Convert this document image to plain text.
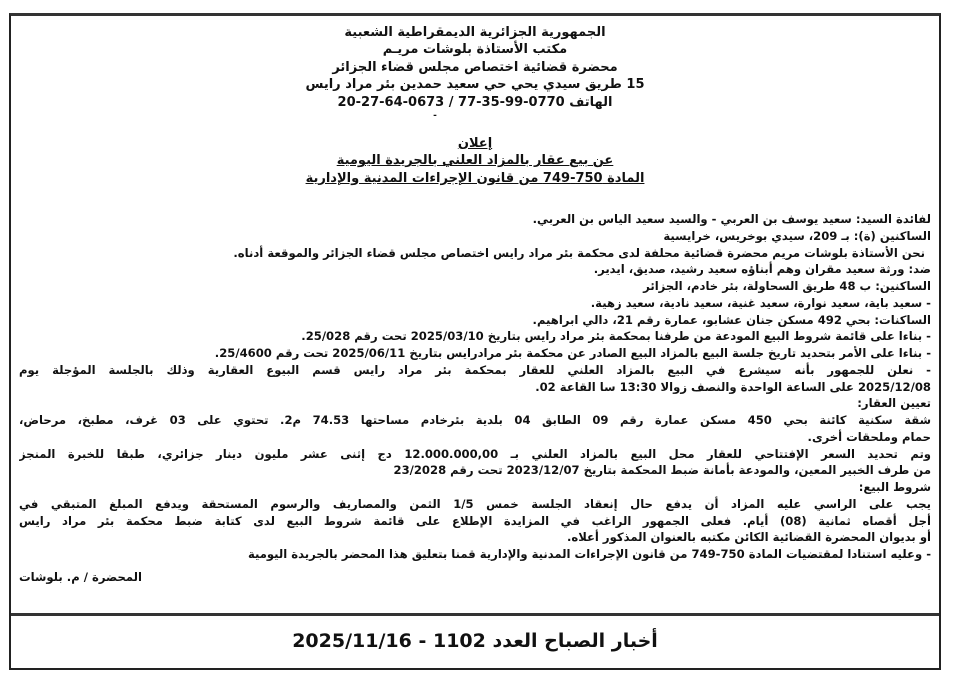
الجمهورية الجزائرية الديمقراطية الشعبية
مكتب الأستاذة بلوشات مريـم
محضرة قضائية اختصاص مجلس قضاء الجزائر
15 طريق سيدي يحي حي سعيد حمدين بئر مراد رايس
الهاتف 0770-99-35-77 / 0673-64-27-20
-
إعلان
عن بيع عقار بالمزاد العلني بالجريدة اليومية
المادة 750-749 من قانون الإجراءات المدنية والإدارية
لفائدة السيد: سعيد يوسف بن العربي - والسيد سعيد الياس بن العربي.
الساكنين (ة): بـ 209، سيدي بوخريس، خرايسية
نحن الأستاذة بلوشات مريم محضرة قضائية محلفة لدى محكمة بئر مراد رايس اختصاص مجلس قضاء الجزائر والموقعة أدناه.
ضد: ورثة سعيد مقران وهم أبناؤه سعيد رشيد، صديق، ايدير.
الساكنين: ب 48 طريق السحاولة، بئر خادم، الجزائر
- سعيد باية، سعيد نوارة، سعيد غنية، سعيد نادية، سعيد زهية.
الساكنات: بحي 492 مسكن جنان عشابو، عمارة رقم 21، دالي ابراهيم.
- بناءا على قائمة شروط البيع المودعة من طرفنا بمحكمة بئر مراد رايس بتاريخ 2025/03/10 تحت رقم 25/028.
- بناءا على الأمر بتحديد تاريخ جلسة البيع بالمزاد البيع الصادر عن محكمة بئر مرادرايس بتاريخ 2025/06/11 تحت رقم 25/4600.
- نعلن للجمهور بأنه سيشرع في البيع بالمزاد العلني للعقار بمحكمة بئر مراد رايس قسم البيوع العقارية وذلك بالجلسة المؤجلة يوم
2025/12/08 على الساعة الواحدة والنصف زوالا 13:30 سا القاعة 02.
تعيين العقار:
شقة سكنية كائنة بحي 450 مسكن عمارة رقم 09 الطابق 04 بلدية بئرخادم مساحتها 74.53 م2. تحتوي على 03 غرف، مطبخ، مرحاض،
حمام وملحقات أخرى.
وتم تحديد السعر الإفتتاحي للعقار محل البيع بالمزاد العلني بـ 12.000.000,00 دج إثنى عشر مليون دينار جزائري، طبقا للخبرة المنجز
من طرف الخبير المعين، والمودعة بأمانة ضبط المحكمة بتاريخ 2023/12/07 تحت رقم 23/2028
شروط البيع:
يجب على الراسي عليه المزاد أن يدفع حال إنعقاد الجلسة خمس 1/5 الثمن والمصاريف والرسوم المستحقة ويدفع المبلغ المتبقي في
أجل أقصاه ثمانية (08) أيام. فعلى الجمهور الراغب في المزايدة الإطلاع على قائمة شروط البيع لدى كتابة ضبط محكمة بئر مراد رايس
أو بديوان المحضرة القضائية الكائن مكتبه بالعنوان المذكور أعلاه.
- وعليه استنادا لمقتضيات المادة 750-749 من قانون الإجراءات المدنية والإدارية قمنا بتعليق هذا المحضر بالجريدة اليومية
المحضرة / م. بلوشات
أخبار الصباح العدد 1102 - 2025/11/16
